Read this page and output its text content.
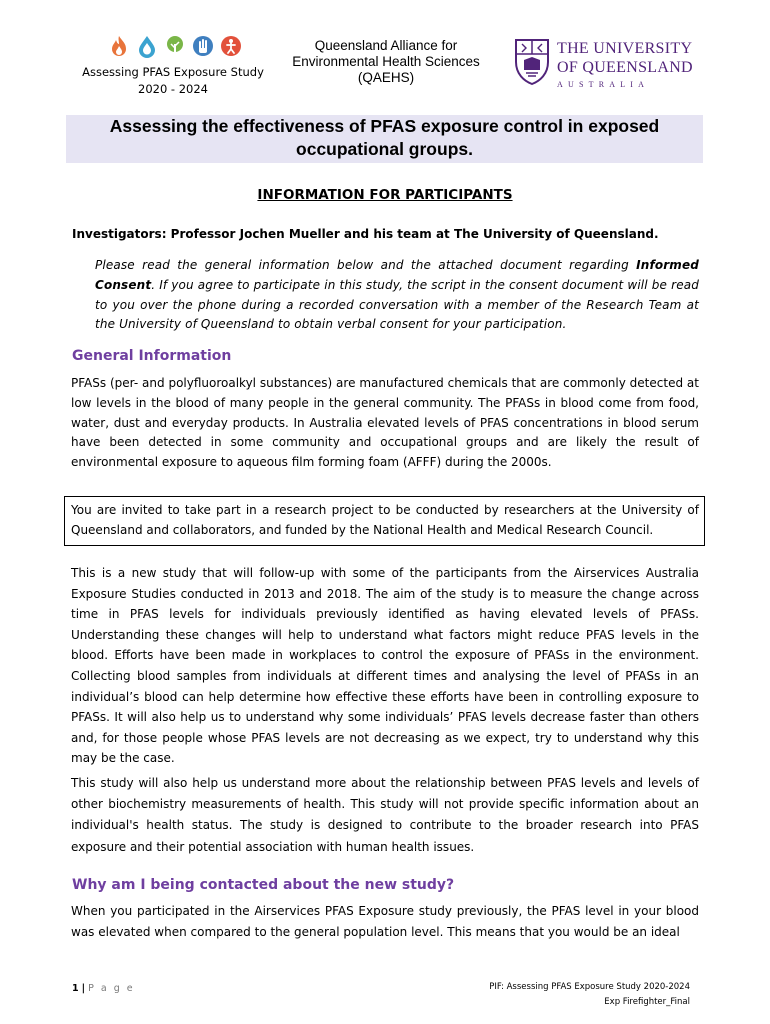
Assessing PFAS Exposure Study
2020 - 2024
Queensland Alliance for
Environmental Health Sciences
(QAEHS)
THE UNIVERSITY
OF QUEENSLAND
AUSTRALIA
Assessing the effectiveness of PFAS exposure control in exposed
occupational groups.
INFORMATION FOR PARTICIPANTS
Investigators: Professor Jochen Mueller and his team at The University of Queensland.
Please read the general information below and the attached document regarding Informed Consent. If you agree to participate in this study, the script in the consent document will be read to you over the phone during a recorded conversation with a member of the Research Team at the University of Queensland to obtain verbal consent for your participation.
General Information
PFASs (per- and polyfluoroalkyl substances) are manufactured chemicals that are commonly detected at low levels in the blood of many people in the general community. The PFASs in blood come from food, water, dust and everyday products. In Australia elevated levels of PFAS concentrations in blood serum have been detected in some community and occupational groups and are likely the result of environmental exposure to aqueous film forming foam (AFFF) during the 2000s.
You are invited to take part in a research project to be conducted by researchers at the University of Queensland and collaborators, and funded by the National Health and Medical Research Council.
This is a new study that will follow-up with some of the participants from the Airservices Australia Exposure Studies conducted in 2013 and 2018. The aim of the study is to measure the change across time in PFAS levels for individuals previously identified as having elevated levels of PFASs. Understanding these changes will help to understand what factors might reduce PFAS levels in the blood. Efforts have been made in workplaces to control the exposure of PFASs in the environment. Collecting blood samples from individuals at different times and analysing the level of PFASs in an individual’s blood can help determine how effective these efforts have been in controlling exposure to PFASs. It will also help us to understand why some individuals’ PFAS levels decrease faster than others and, for those people whose PFAS levels are not decreasing as we expect, try to understand why this may be the case.
This study will also help us understand more about the relationship between PFAS levels and levels of other biochemistry measurements of health. This study will not provide specific information about an individual's health status. The study is designed to contribute to the broader research into PFAS exposure and their potential association with human health issues.
Why am I being contacted about the new study?
When you participated in the Airservices PFAS Exposure study previously, the PFAS level in your blood was elevated when compared to the general population level. This means that you would be an ideal
1 | P a g e	PIF: Assessing PFAS Exposure Study 2020-2024
Exp Firefighter_Final
